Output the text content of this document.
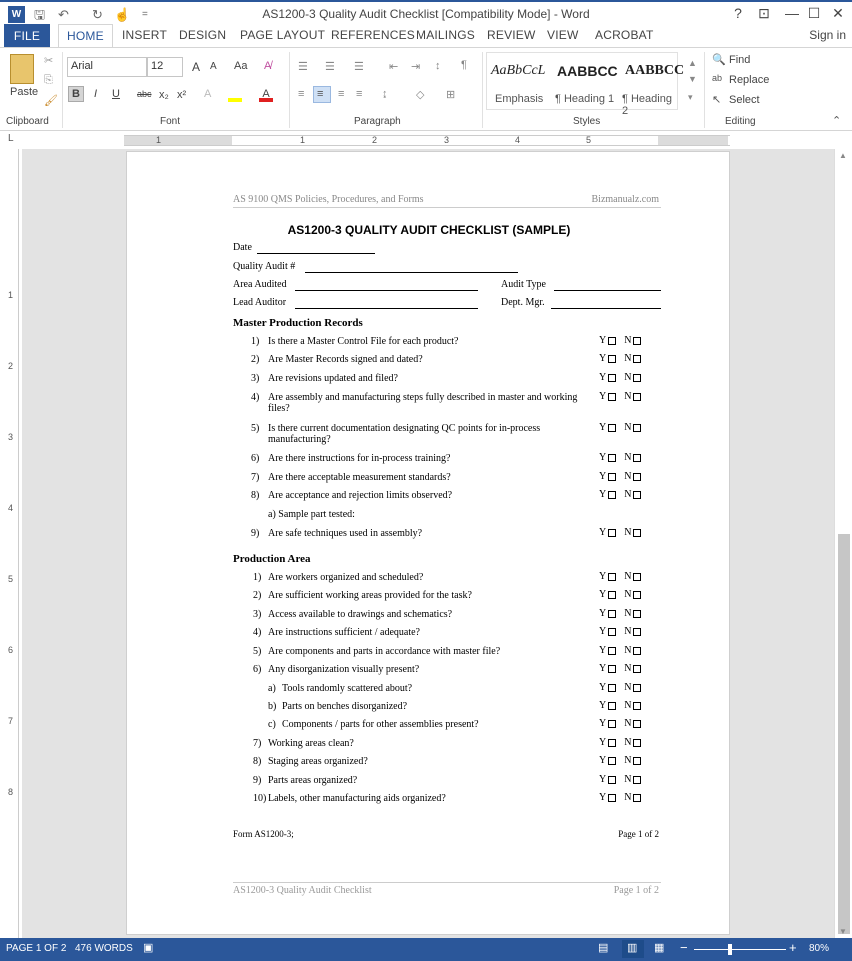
W 🖫 ↶ ↻ ☝ =	AS1200-3 Quality Audit Checklist [Compatibility Mode] - Word	?	⊡	— ☐ ✕
FILE	HOME	INSERT DESIGN PAGE LAYOUT REFERENCES MAILINGS REVIEW VIEW ACROBAT	Sign in
Paste
✂
⎘
🖌
Clipboard
Arial	12	A A Aa A̸
B I U abc x₂ x² A	A
Font
☰ ☰ ☰ ⇤ ⇥ ↕ ¶
≡ ≡ ≡ ≡ ↨	◇ ⊞
Paragraph
AaBbCcL
Emphasis
AABBCC
¶ Heading 1
AABBCC
¶ Heading 2
▲
▼
▾
Styles
🔍 Find
ab Replace
↖ Select
Editing	⌃
L	1	1	2	3	4	5
1
2
3
4
5
6
7
8
AS 9100 QMS Policies, Procedures, and Forms	Bizmanualz.com
AS1200-3 QUALITY AUDIT CHECKLIST (SAMPLE)
Date
Quality Audit #
Area Audited	Audit Type
Lead Auditor	Dept. Mgr.
Master Production Records
1) Is there a Master Control File for each product?	Y N
2) Are Master Records signed and dated?	Y N
3) Are revisions updated and filed?	Y N
4) Are assembly and manufacturing steps fully described in master and working files?
Y N
5) Is there current documentation designating QC points for in-process manufacturing?
Y N
6) Are there instructions for in-process training?	Y N
7) Are there acceptable measurement standards?	Y N
8) Are acceptance and rejection limits observed?	Y N
a) Sample part tested:
9) Are safe techniques used in assembly?	Y N
Production Area
1) Are workers organized and scheduled?	Y N
2) Are sufficient working areas provided for the task?	Y N
3) Access available to drawings and schematics?	Y N
4) Are instructions sufficient / adequate?	Y N
5) Are components and parts in accordance with master file?	Y N
6) Any disorganization visually present?	Y N
a) Tools randomly scattered about?	Y N
b) Parts on benches disorganized?	Y N
c) Components / parts for other assemblies present?	Y N
7) Working areas clean?	Y N
8) Staging areas organized?	Y N
9) Parts areas organized?	Y N
10) Labels, other manufacturing aids organized?	Y N
Form AS1200-3;	Page 1 of 2
AS1200-3 Quality Audit Checklist	Page 1 of 2
▲
▼
PAGE 1 OF 2 476 WORDS ▣	▤ ▥ ▦ −	+ 80%
